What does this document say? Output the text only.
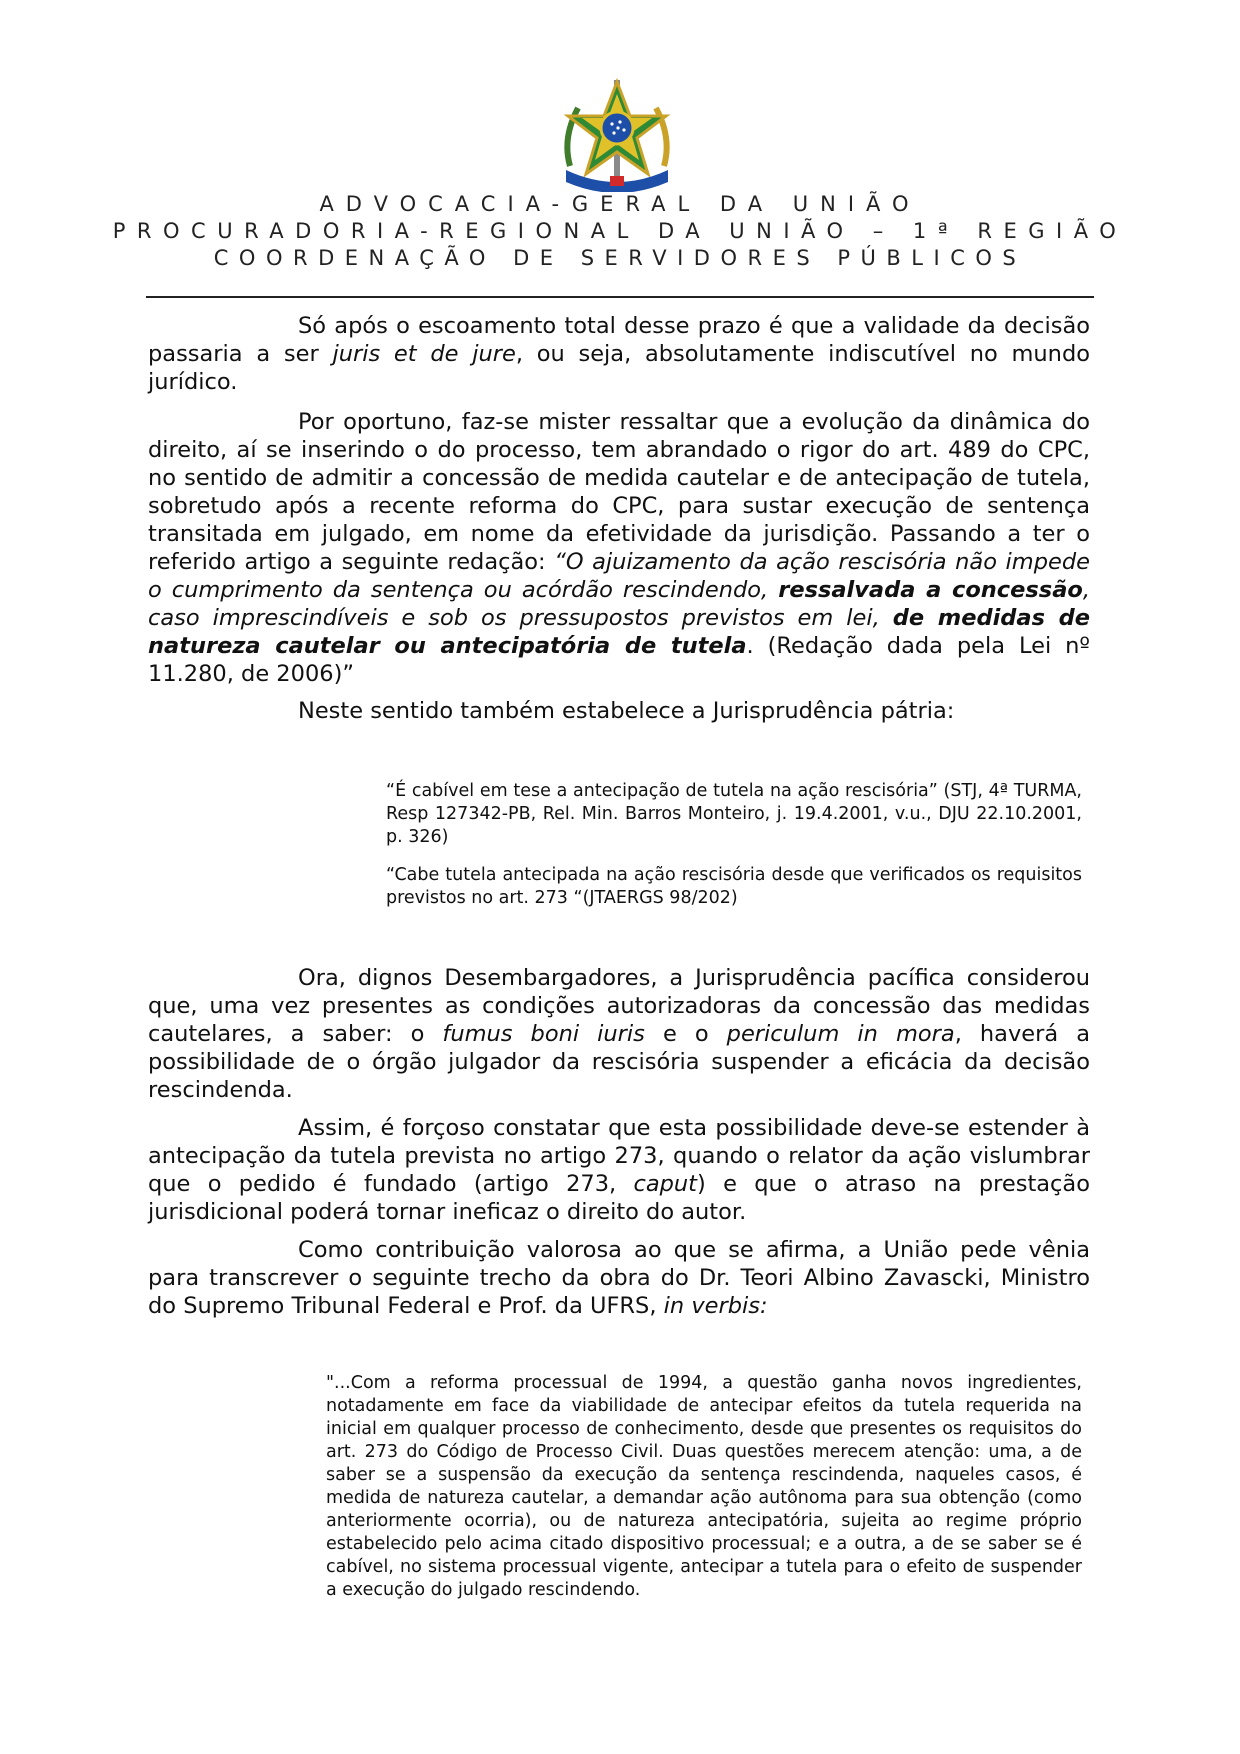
ADVOCACIA-GERAL DA UNIÃO
PROCURADORIA-REGIONAL DA UNIÃO – 1ª REGIÃO
COORDENAÇÃO DE SERVIDORES PÚBLICOS

Só após o escoamento total desse prazo é que a validade da decisão passaria a ser juris et de jure, ou seja, absolutamente indiscutível no mundo jurídico.

Por oportuno, faz-se mister ressaltar que a evolução da dinâmica do direito, aí se inserindo o do processo, tem abrandado o rigor do art. 489 do CPC, no sentido de admitir a concessão de medida cautelar e de antecipação de tutela, sobretudo após a recente reforma do CPC, para sustar execução de sentença transitada em julgado, em nome da efetividade da jurisdição. Passando a ter o referido artigo a seguinte redação: “O ajuizamento da ação rescisória não impede o cumprimento da sentença ou acórdão rescindendo, ressalvada a concessão, caso imprescindíveis e sob os pressupostos previstos em lei, de medidas de natureza cautelar ou antecipatória de tutela. (Redação dada pela Lei nº 11.280, de 2006)”

Neste sentido também estabelece a Jurisprudência pátria:

“É cabível em tese a antecipação de tutela na ação rescisória” (STJ, 4ª TURMA, Resp 127342-PB, Rel. Min. Barros Monteiro, j. 19.4.2001, v.u., DJU 22.10.2001, p. 326)

“Cabe tutela antecipada na ação rescisória desde que verificados os requisitos previstos no art. 273 “(JTAERGS 98/202)

Ora, dignos Desembargadores, a Jurisprudência pacífica considerou que, uma vez presentes as condições autorizadoras da concessão das medidas cautelares, a saber: o fumus boni iuris e o periculum in mora, haverá a possibilidade de o órgão julgador da rescisória suspender a eficácia da decisão rescindenda.

Assim, é forçoso constatar que esta possibilidade deve-se estender à antecipação da tutela prevista no artigo 273, quando o relator da ação vislumbrar que o pedido é fundado (artigo 273, caput) e que o atraso na prestação jurisdicional poderá tornar ineficaz o direito do autor.

Como contribuição valorosa ao que se afirma, a União pede vênia para transcrever o seguinte trecho da obra do Dr. Teori Albino Zavascki, Ministro do Supremo Tribunal Federal e Prof. da UFRS, in verbis:

"...Com a reforma processual de 1994, a questão ganha novos ingredientes, notadamente em face da viabilidade de antecipar efeitos da tutela requerida na inicial em qualquer processo de conhecimento, desde que presentes os requisitos do art. 273 do Código de Processo Civil. Duas questões merecem atenção: uma, a de saber se a suspensão da execução da sentença rescindenda, naqueles casos, é medida de natureza cautelar, a demandar ação autônoma para sua obtenção (como anteriormente ocorria), ou de natureza antecipatória, sujeita ao regime próprio estabelecido pelo acima citado dispositivo processual; e a outra, a de se saber se é cabível, no sistema processual vigente, antecipar a tutela para o efeito de suspender a execução do julgado rescindendo.
